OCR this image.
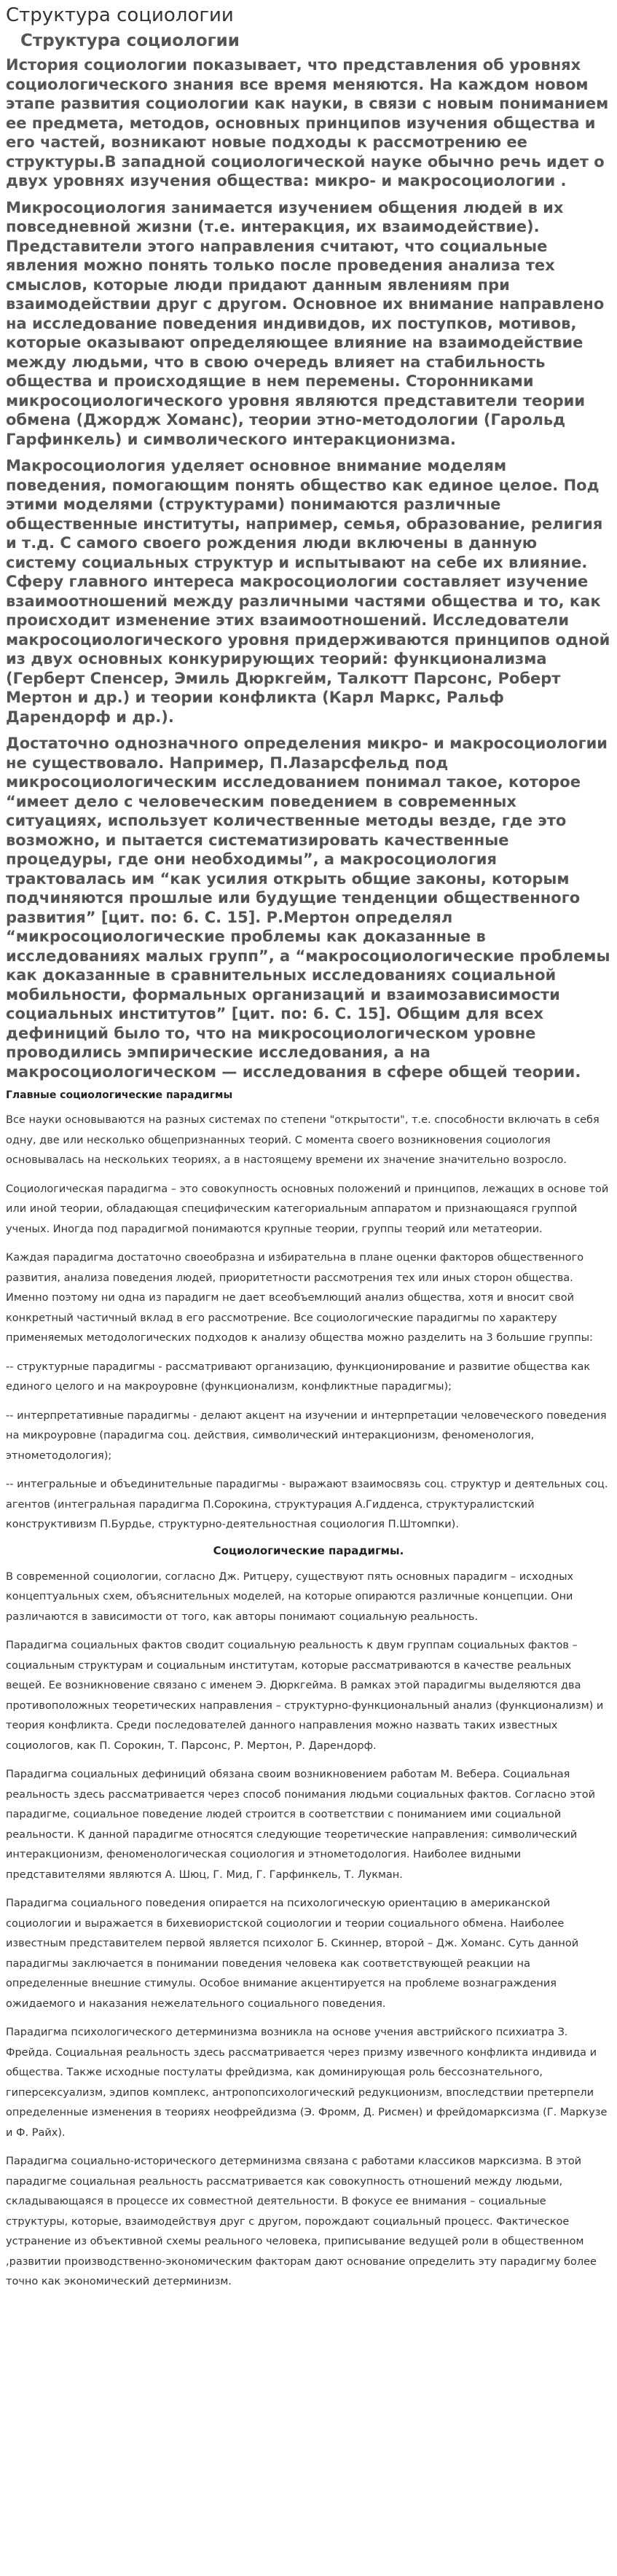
Структура социологии
Структура социологии

История социологии показывает, что представления об уровнях социологического знания все время меняются. На каждом новом этапе развития социологии как науки, в связи с новым пониманием ее предмета, методов, основных принципов изучения общества и его частей, возникают новые подходы к рассмотрению ее структуры.В западной социологической науке обычно речь идет о двух уровнях изучения общества: микро- и макросоциологии .

Микросоциология занимается изучением общения людей в их повседневной жизни (т.е. интеракция, их взаимодействие). Представители этого направления считают, что социальные явления можно понять только после проведения анализа тех смыслов, которые люди придают данным явлениям при взаимодействии друг с другом. Основное их внимание направлено на исследование поведения индивидов, их поступков, мотивов, которые оказывают определяющее влияние на взаимодействие между людьми, что в свою очередь влияет на стабильность общества и происходящие в нем перемены. Сторонниками микросоциологического уровня являются представители теории обмена (Джордж Хоманс), теории этно-методологии (Гарольд Гарфинкель) и символического интеракционизма.

Макросоциология уделяет основное внимание моделям поведения, помогающим понять общество как единое целое. Под этими моделями (структурами) понимаются различные общественные институты, например, семья, образование, религия и т.д. С самого своего рождения люди включены в данную систему социальных структур и испытывают на себе их влияние. Сферу главного интереса макросоциологии составляет изучение взаимоотношений между различными частями общества и то, как происходит изменение этих взаимоотношений. Исследователи макросоциологического уровня придерживаются принципов одной из двух основных конкурирующих теорий: функционализма (Герберт Спенсер, Эмиль Дюркгейм, Талкотт Парсонс, Роберт Мертон и др.) и теории конфликта (Карл Маркс, Ральф Дарендорф и др.).

Достаточно однозначного определения микро- и макросоциологии не существовало. Например, П.Лазарсфельд под микросоциологическим исследованием понимал такое, которое “имеет дело с человеческим поведением в современных ситуациях, использует количественные методы везде, где это возможно, и пытается систематизировать качественные процедуры, где они необходимы”, а макросоциология трактовалась им “как усилия открыть общие законы, которым подчиняются прошлые или будущие тенденции общественного развития” [цит. по: 6. С. 15]. Р.Мертон определял “микросоциологические проблемы как доказанные в исследованиях малых групп”, а “макросоциологические проблемы как доказанные в сравнительных исследованиях социальной мобильности, формальных организаций и взаимозависимости социальных институтов” [цит. по: 6. С. 15]. Общим для всех дефиниций было то, что на микросоциологическом уровне проводились эмпирические исследования, а на макросоциологическом — исследования в сфере общей теории.

Главные социологические парадигмы

Все науки основываются на разных системах по степени "открытости", т.е. способности включать в себя одну, две или несколько общепризнанных теорий. С момента своего возникновения социология основывалась на нескольких теориях, а в настоящему времени их значение значительно возросло.

Социологическая парадигма – это совокупность основных положений и принципов, лежащих в основе той или иной теории, обладающая специфическим категориальным аппаратом и признающаяся группой ученых. Иногда под парадигмой понимаются крупные теории, группы теорий или метатеории.

Каждая парадигма достаточно своеобразна и избирательна в плане оценки факторов общественного развития, анализа поведения людей, приоритетности рассмотрения тех или иных сторон общества. Именно поэтому ни одна из парадигм не дает всеобъемлющий анализ общества, хотя и вносит свой конкретный частичный вклад в его рассмотрение. Все социологические парадигмы по характеру применяемых методологических подходов к анализу общества можно разделить на 3 большие группы:

-- структурные парадигмы - рассматривают организацию, функционирование и развитие общества как единого целого и на макроуровне (функционализм, конфликтные парадигмы);

-- интерпретативные парадигмы - делают акцент на изучении и интерпретации человеческого поведения на микроуровне (парадигма соц. действия, символический интеракционизм, феноменология, этнометодология);

-- интегральные и объединительные парадигмы - выражают взаимосвязь соц. структур и деятельных соц. агентов (интегральная парадигма П.Сорокина, структурация А.Гидденса, структуралистский конструктивизм П.Бурдье, структурно-деятельностная социология П.Штомпки).

Социологические парадигмы.

В современной социологии, согласно Дж. Ритцеру, существуют пять основных парадигм – исходных концептуальных схем, объяснительных моделей, на которые опираются различные концепции. Они различаются в зависимости от того, как авторы понимают социальную реальность.

Парадигма социальных фактов сводит социальную реальность к двум группам социальных фактов – социальным структурам и социальным институтам, которые рассматриваются в качестве реальных вещей. Ее возникновение связано с именем Э. Дюркгейма. В рамках этой парадигмы выделяются два противоположных теоретических направления – структурно-функциональный анализ (функционализм) и теория конфликта. Среди последователей данного направления можно назвать таких известных социологов, как П. Сорокин, Т. Парсонс, Р. Мертон, Р. Дарендорф.

Парадигма социальных дефиниций обязана своим возникновением работам М. Вебера. Социальная реальность здесь рассматривается через способ понимания людьми социальных фактов. Согласно этой парадигме, социальное поведение людей строится в соответствии с пониманием ими социальной реальности. К данной парадигме относятся следующие теоретические направления: символический интеракционизм, феноменологическая социология и этнометодология. Наиболее видными представителями являются А. Шюц, Г. Мид, Г. Гарфинкель, Т. Лукман.

Парадигма социального поведения опирается на психологическую ориентацию в американской социологии и выражается в бихевиористской социологии и теории социального обмена. Наиболее известным представителем первой является психолог Б. Скиннер, второй – Дж. Хоманс. Суть данной парадигмы заключается в понимании поведения человека как соответствующей реакции на определенные внешние стимулы. Особое внимание акцентируется на проблеме вознаграждения ожидаемого и наказания нежелательного социального поведения.

Парадигма психологического детерминизма возникла на основе учения австрийского психиатра З. Фрейда. Социальная реальность здесь рассматривается через призму извечного конфликта индивида и общества. Также исходные постулаты фрейдизма, как доминирующая роль бессознательного, гиперсексуализм, эдипов комплекс, антропопсихологический редукционизм, впоследствии претерпели определенные изменения в теориях неофрейдизма (Э. Фромм, Д. Рисмен) и фрейдомарксизма (Г. Маркузе и Ф. Райх).

Парадигма социально-исторического детерминизма связана с работами классиков марксизма. В этой парадигме социальная реальность рассматривается как совокупность отношений между людьми, складывающаяся в процессе их совместной деятельности. В фокусе ее внимания – социальные структуры, которые, взаимодействуя друг с другом, порождают социальный процесс. Фактическое устранение из объективной схемы реального человека, приписывание ведущей роли в общественном ,развитии производственно-экономическим факторам дают основание определить эту парадигму более точно как экономический детерминизм.
